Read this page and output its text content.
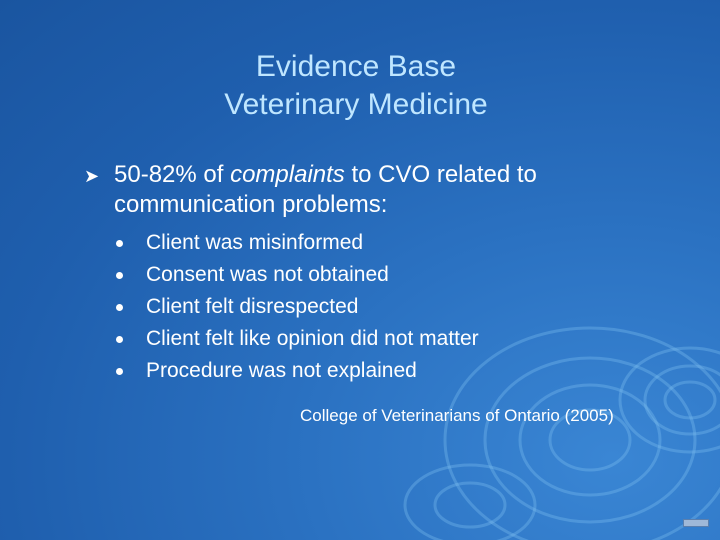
Evidence Base
Veterinary Medicine
➤ 50-82% of complaints to CVO related to communication problems:
Client was misinformed
Consent was not obtained
Client felt disrespected
Client felt like opinion did not matter
Procedure was not explained
College of Veterinarians of Ontario (2005)
